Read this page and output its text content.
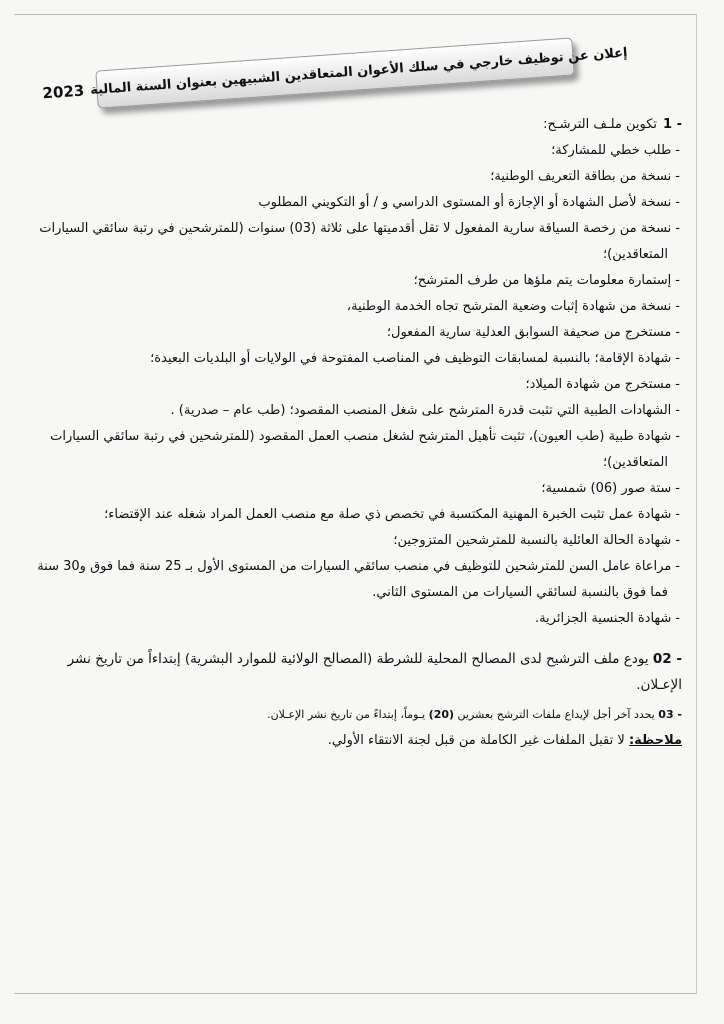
إعلان عن توظيف خارجي في سلك الأعوان المتعاقدين الشبيهين بعنوان السنة المالية
2023
1 -
تكوين ملـف الترشـح:
-طلب خطي للمشاركة؛
-نسخة من بطاقة التعريف الوطنية؛
-نسخة لأصل الشهادة أو الإجازة أو المستوى الدراسي و / أو التكويني المطلوب
-نسخة من رخصة السياقة سارية المفعول لا تقل أقدميتها على ثلاثة (03) سنوات (للمترشحين في رتبة سائقي السيارات المتعاقدين)؛
-إستمارة معلومات يتم ملؤها من طرف المترشح؛
-نسخة من شهادة إثبات وضعية المترشح تجاه الخدمة الوطنية،
-مستخرج من صحيفة السوابق العدلية سارية المفعول؛
-شهادة الإقامة؛ بالنسبة لمسابقات التوظيف في المناصب المفتوحة في الولايات أو البلديات البعيدة؛
-مستخرج من شهادة الميلاد؛
-الشهادات الطبية التي تثبت قدرة المترشح على شغل المنصب المقصود؛ (طب عام – صدرية) .
-شهادة طبية (طب العيون)، تثبت تأهيل المترشح لشغل منصب العمل المقصود (للمترشحين في رتبة سائقي السيارات المتعاقدين)؛
-ستة صور (06) شمسية؛
-شهادة عمل تثبت الخبرة المهنية المكتسبة في تخصص ذي صلة مع منصب العمل المراد شغله عند الإقتضاء؛
-شهادة الحالة العائلية بالنسبة للمترشحين المتزوجين؛
-مراعاة عامل السن للمترشحين للتوظيف في منصب سائقي السيارات من المستوى الأول بـ 25 سنة فما فوق و30 سنة فما فوق بالنسبة لسائقي السيارات من المستوى الثاني.
-شهادة الجنسية الجزائرية.
02 - يودع ملف الترشيح لدى المصالح المحلية للشرطة (المصالح الولائية للموارد البشرية) إبتداءاً من تاريخ نشر الإعـلان.
03 - يحدد آخر أجل لإيداع ملفات الترشح بعشرين (20) يـوماً، إبتداءً من تاريخ نشر الإعـلان.
ملاحظة: لا تقبل الملفات غير الكاملة من قبل لجنة الانتقاء الأولي.
